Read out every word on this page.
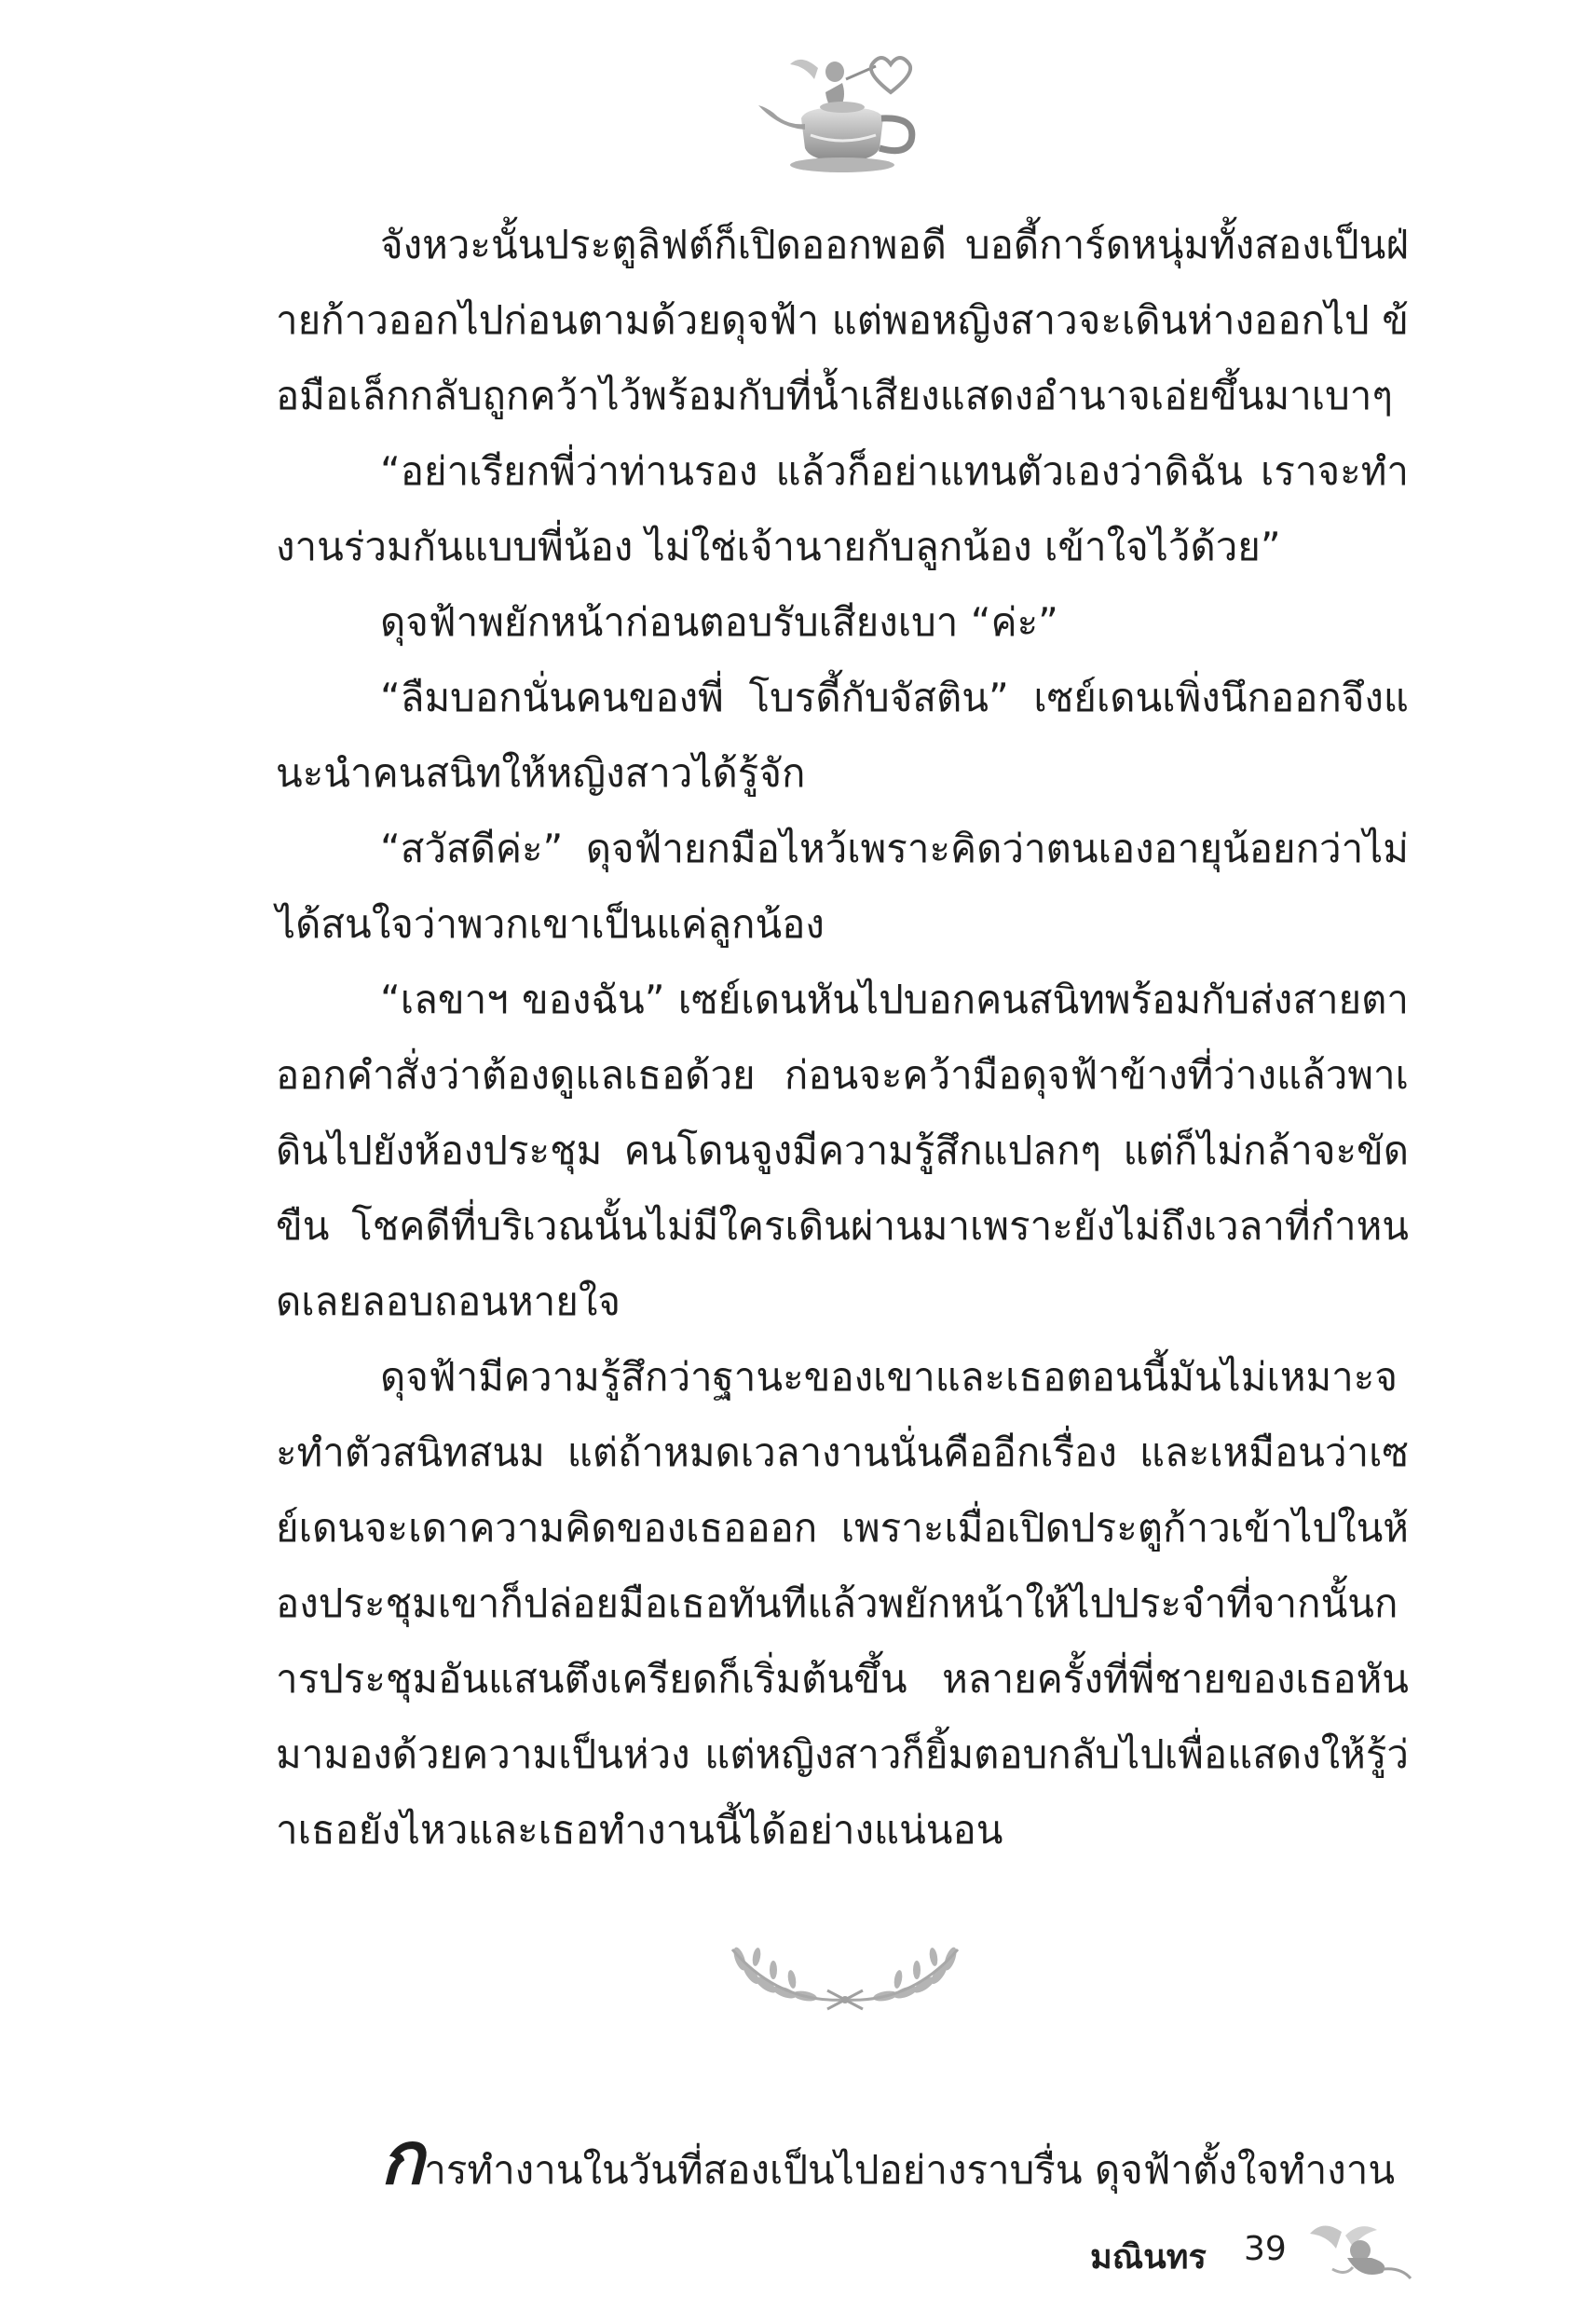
จังหวะนั้นประตูลิฟต์ก็เปิดออกพอดี บอดี้การ์ดหนุ่มทั้งสองเป็นฝ่ายก้าวออกไปก่อนตามด้วยดุจฟ้า แต่พอหญิงสาวจะเดินห่างออกไป ข้อมือเล็กกลับถูกคว้าไว้พร้อมกับที่น้ำเสียงแสดงอำนาจเอ่ยขึ้นมาเบาๆ

“อย่าเรียกพี่ว่าท่านรอง แล้วก็อย่าแทนตัวเองว่าดิฉัน เราจะทำงานร่วมกันแบบพี่น้อง ไม่ใช่เจ้านายกับลูกน้อง เข้าใจไว้ด้วย”

ดุจฟ้าพยักหน้าก่อนตอบรับเสียงเบา “ค่ะ”

“ลืมบอกนั่นคนของพี่ โบรดี้กับจัสติน” เซย์เดนเพิ่งนึกออกจึงแนะนำคนสนิทให้หญิงสาวได้รู้จัก

“สวัสดีค่ะ” ดุจฟ้ายกมือไหว้เพราะคิดว่าตนเองอายุน้อยกว่าไม่ได้สนใจว่าพวกเขาเป็นแค่ลูกน้อง

“เลขาฯ ของฉัน” เซย์เดนหันไปบอกคนสนิทพร้อมกับส่งสายตาออกคำสั่งว่าต้องดูแลเธอด้วย ก่อนจะคว้ามือดุจฟ้าข้างที่ว่างแล้วพาเดินไปยังห้องประชุม คนโดนจูงมีความรู้สึกแปลกๆ แต่ก็ไม่กล้าจะขัดขืน โชคดีที่บริเวณนั้นไม่มีใครเดินผ่านมาเพราะยังไม่ถึงเวลาที่กำหนดเลยลอบถอนหายใจ

ดุจฟ้ามีความรู้สึกว่าฐานะของเขาและเธอตอนนี้มันไม่เหมาะจะทำตัวสนิทสนม แต่ถ้าหมดเวลางานนั่นคืออีกเรื่อง และเหมือนว่าเซย์เดนจะเดาความคิดของเธอออก เพราะเมื่อเปิดประตูก้าวเข้าไปในห้องประชุมเขาก็ปล่อยมือเธอทันทีแล้วพยักหน้าให้ไปประจำที่จากนั้นการประชุมอันแสนตึงเครียดก็เริ่มต้นขึ้น หลายครั้งที่พี่ชายของเธอหันมามองด้วยความเป็นห่วง แต่หญิงสาวก็ยิ้มตอบกลับไปเพื่อแสดงให้รู้ว่าเธอยังไหวและเธอทำงานนี้ได้อย่างแน่นอน

การทำงานในวันที่สองเป็นไปอย่างราบรื่น ดุจฟ้าตั้งใจทำงาน

มณินทร 39
